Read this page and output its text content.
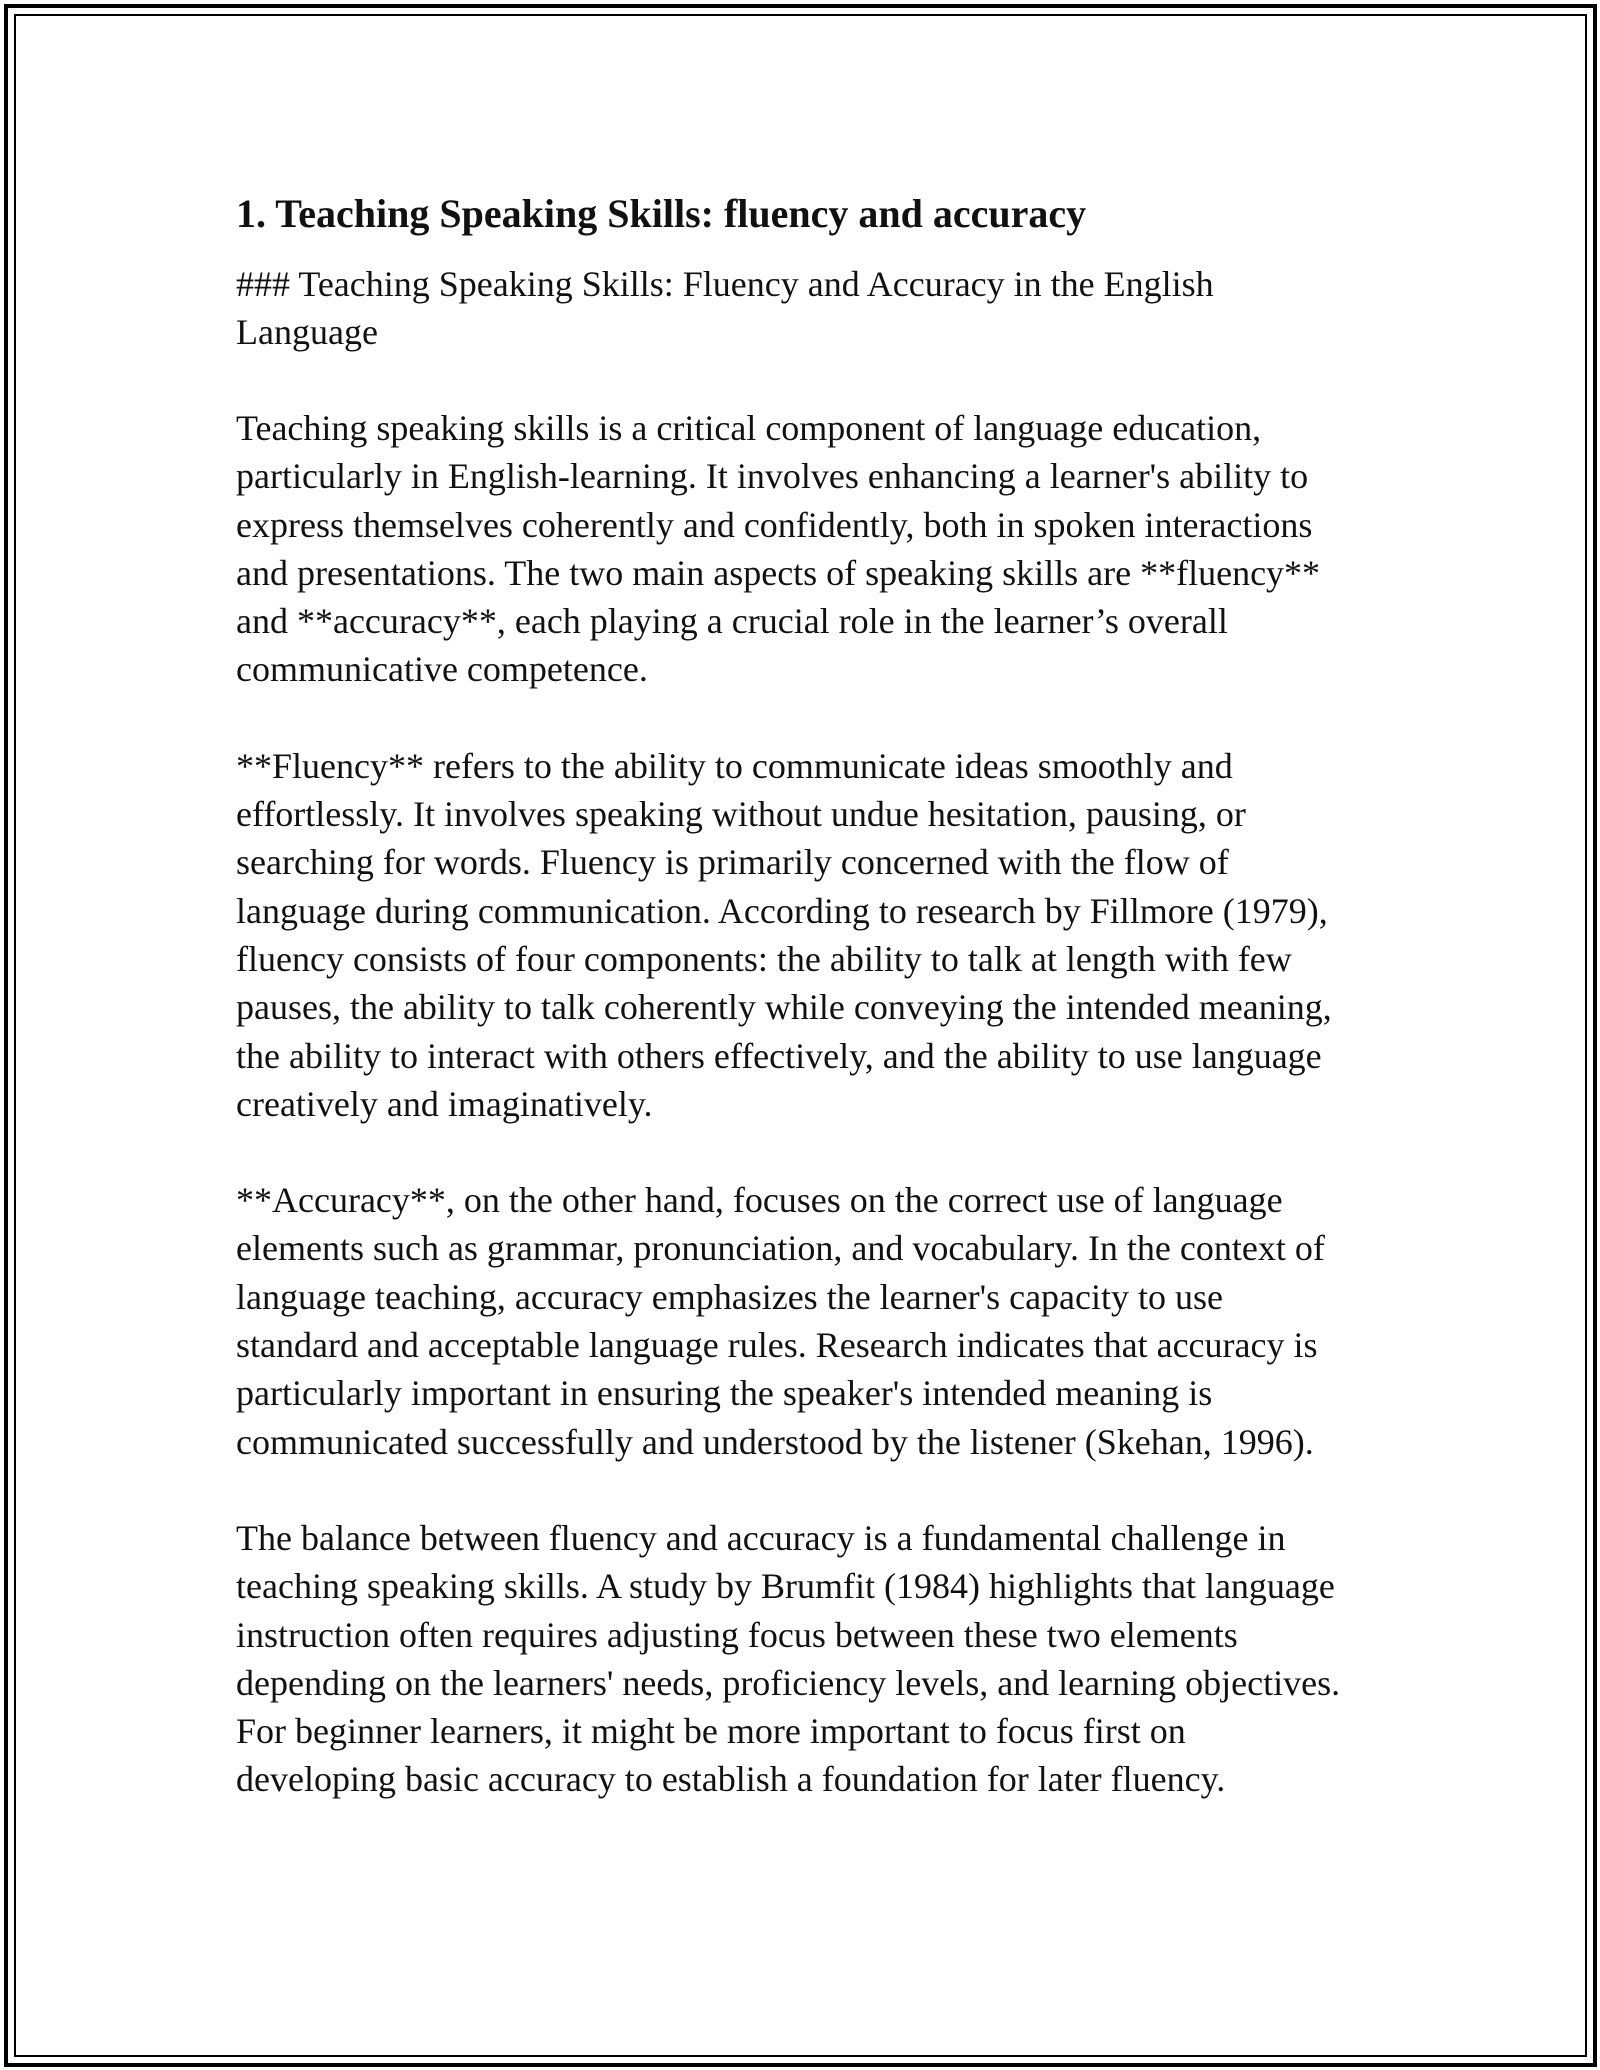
1. Teaching Speaking Skills: fluency and accuracy

### Teaching Speaking Skills: Fluency and Accuracy in the English
Language

Teaching speaking skills is a critical component of language education,
particularly in English-learning. It involves enhancing a learner's ability to
express themselves coherently and confidently, both in spoken interactions
and presentations. The two main aspects of speaking skills are **fluency**
and **accuracy**, each playing a crucial role in the learner’s overall
communicative competence.

**Fluency** refers to the ability to communicate ideas smoothly and
effortlessly. It involves speaking without undue hesitation, pausing, or
searching for words. Fluency is primarily concerned with the flow of
language during communication. According to research by Fillmore (1979),
fluency consists of four components: the ability to talk at length with few
pauses, the ability to talk coherently while conveying the intended meaning,
the ability to interact with others effectively, and the ability to use language
creatively and imaginatively.

**Accuracy**, on the other hand, focuses on the correct use of language
elements such as grammar, pronunciation, and vocabulary. In the context of
language teaching, accuracy emphasizes the learner's capacity to use
standard and acceptable language rules. Research indicates that accuracy is
particularly important in ensuring the speaker's intended meaning is
communicated successfully and understood by the listener (Skehan, 1996).

The balance between fluency and accuracy is a fundamental challenge in
teaching speaking skills. A study by Brumfit (1984) highlights that language
instruction often requires adjusting focus between these two elements
depending on the learners' needs, proficiency levels, and learning objectives.
For beginner learners, it might be more important to focus first on
developing basic accuracy to establish a foundation for later fluency.
